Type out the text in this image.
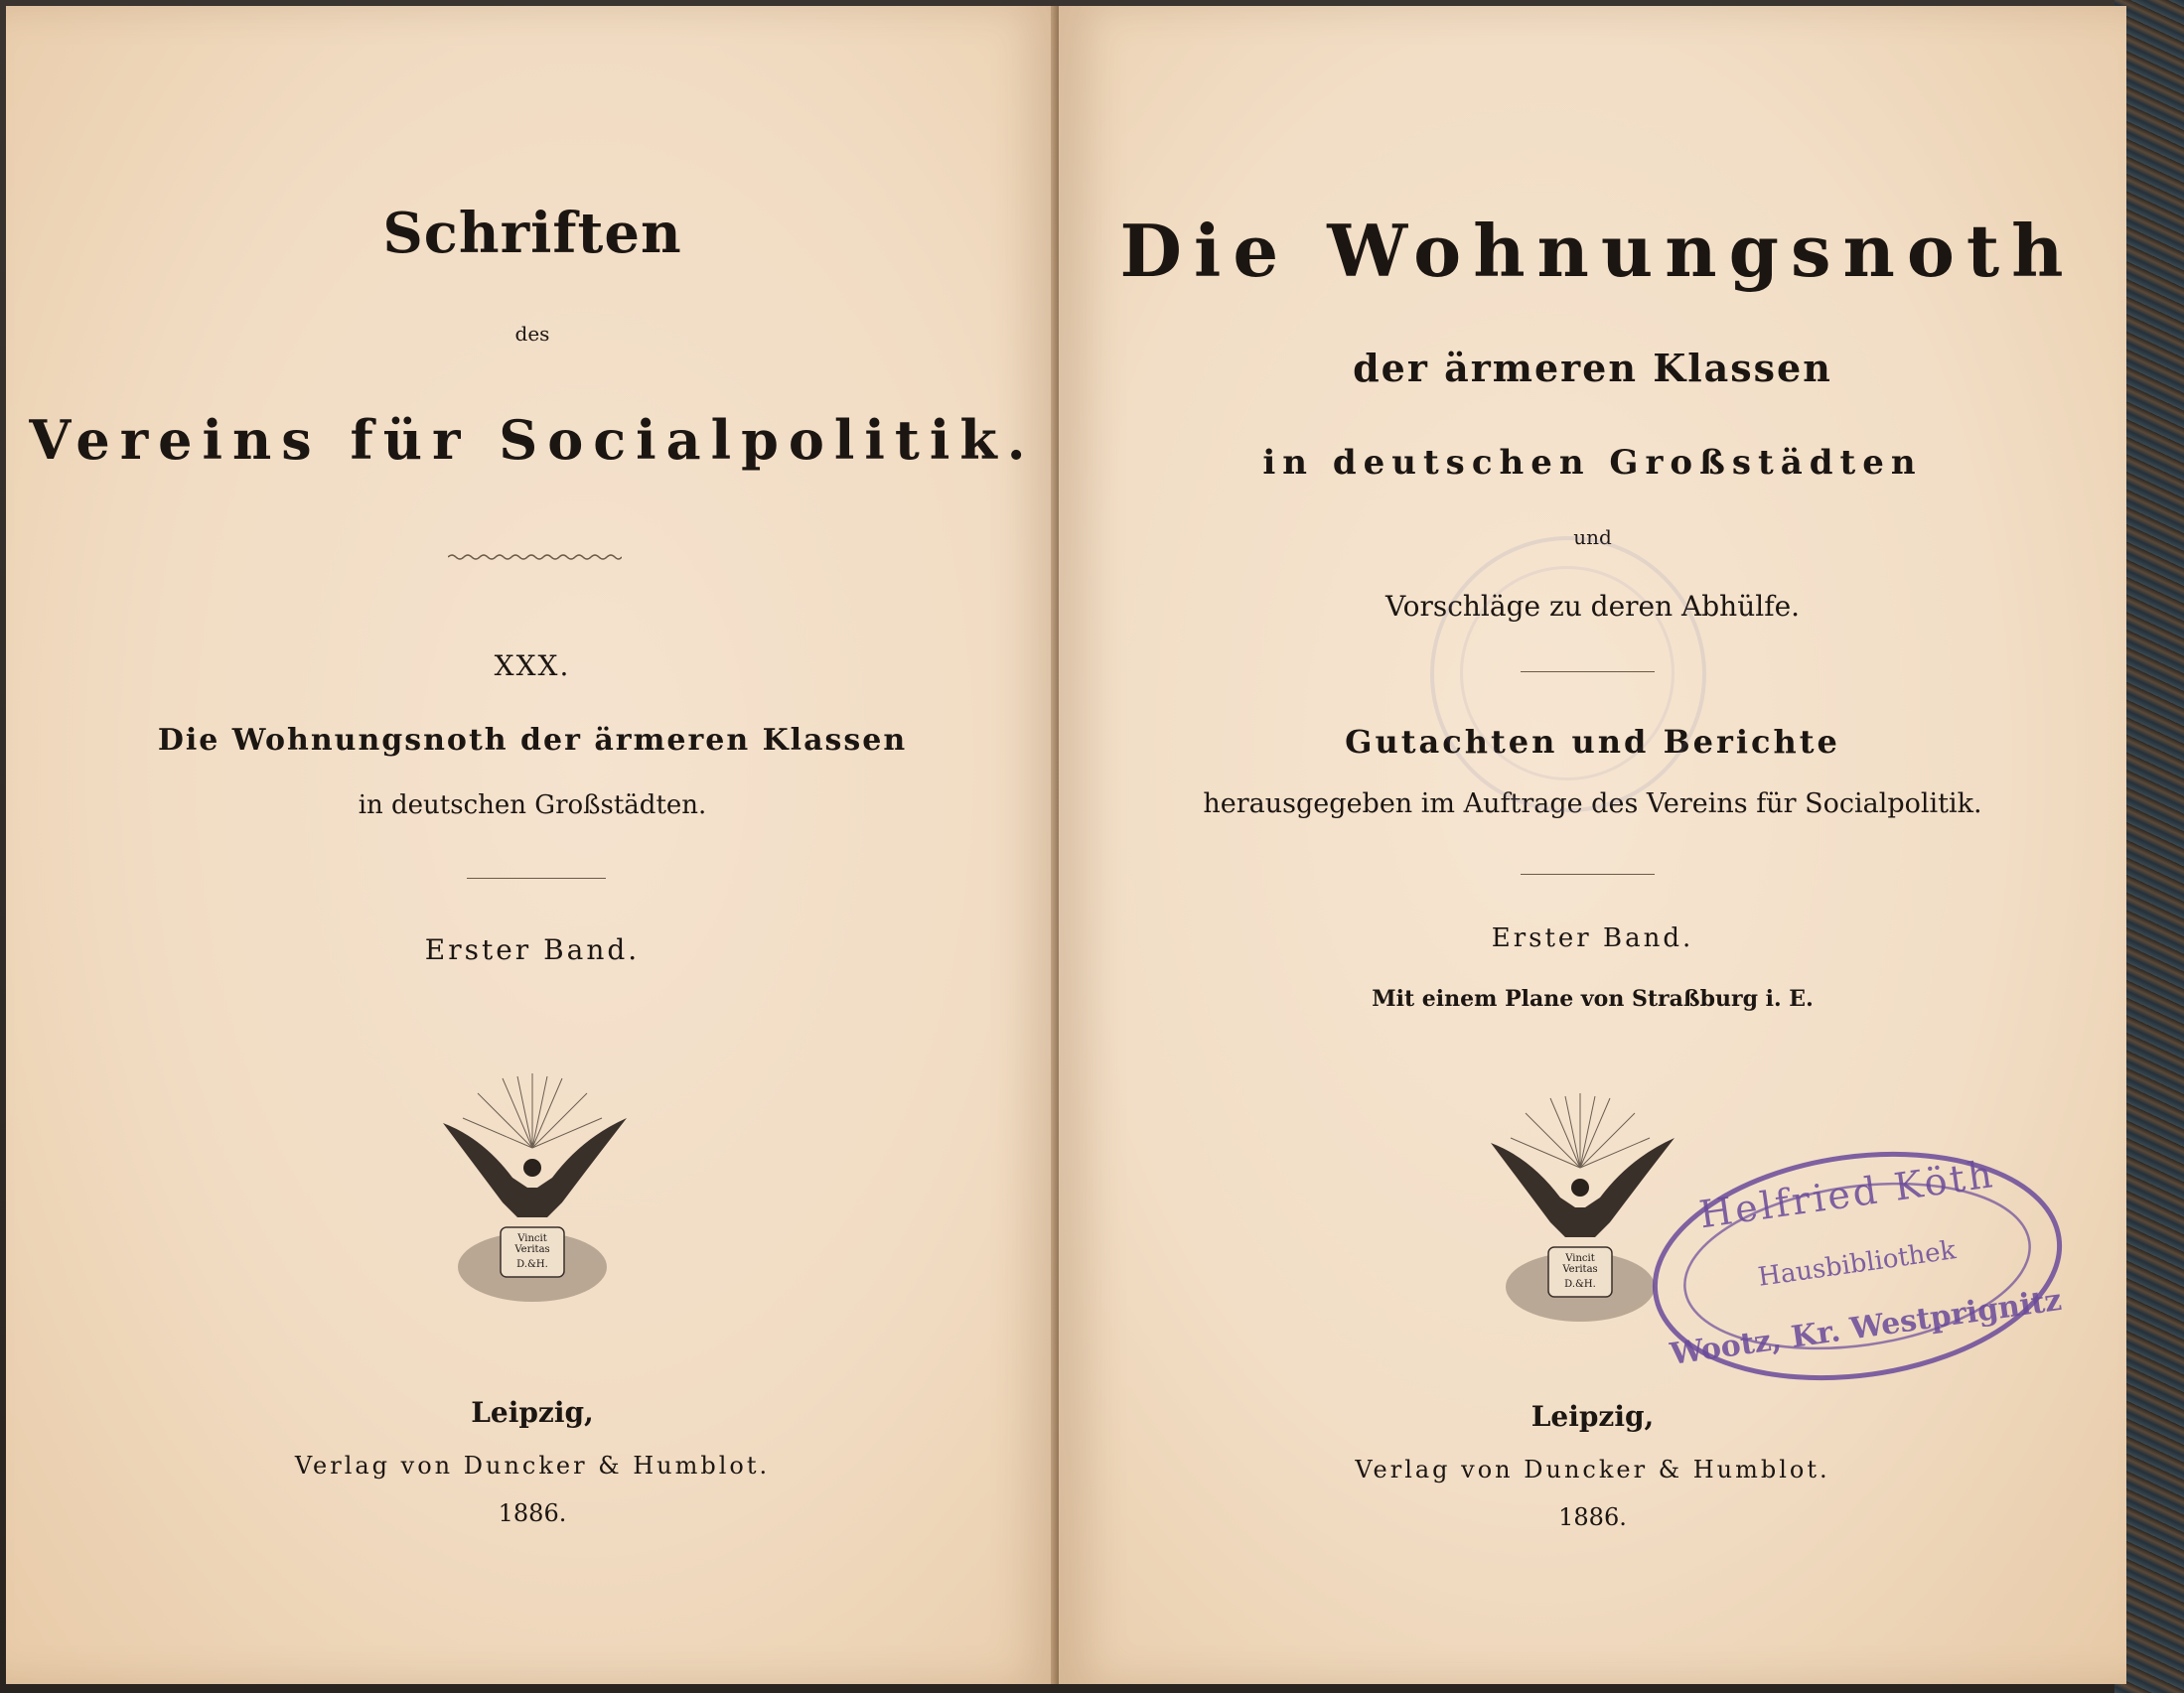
Schriften
des
Vereins für Socialpolitik.
XXX.
Die Wohnungsnoth der ärmeren Klassen
in deutschen Großstädten.
Erster Band.
Vincit Veritas
D.&H.
Leipzig,
Verlag von Duncker & Humblot.
1886.
Die Wohnungsnoth
der ärmeren Klassen
in deutschen Großstädten
und
Vorschläge zu deren Abhülfe.
Gutachten und Berichte
herausgegeben im Auftrage des Vereins für Socialpolitik.
Erster Band.
Mit einem Plane von Straßburg i. E.
Vincit Veritas
D.&H.
Leipzig,
Verlag von Duncker & Humblot.
1886.
Helfried Köth
Hausbibliothek
Wootz, Kr. Westprignitz
